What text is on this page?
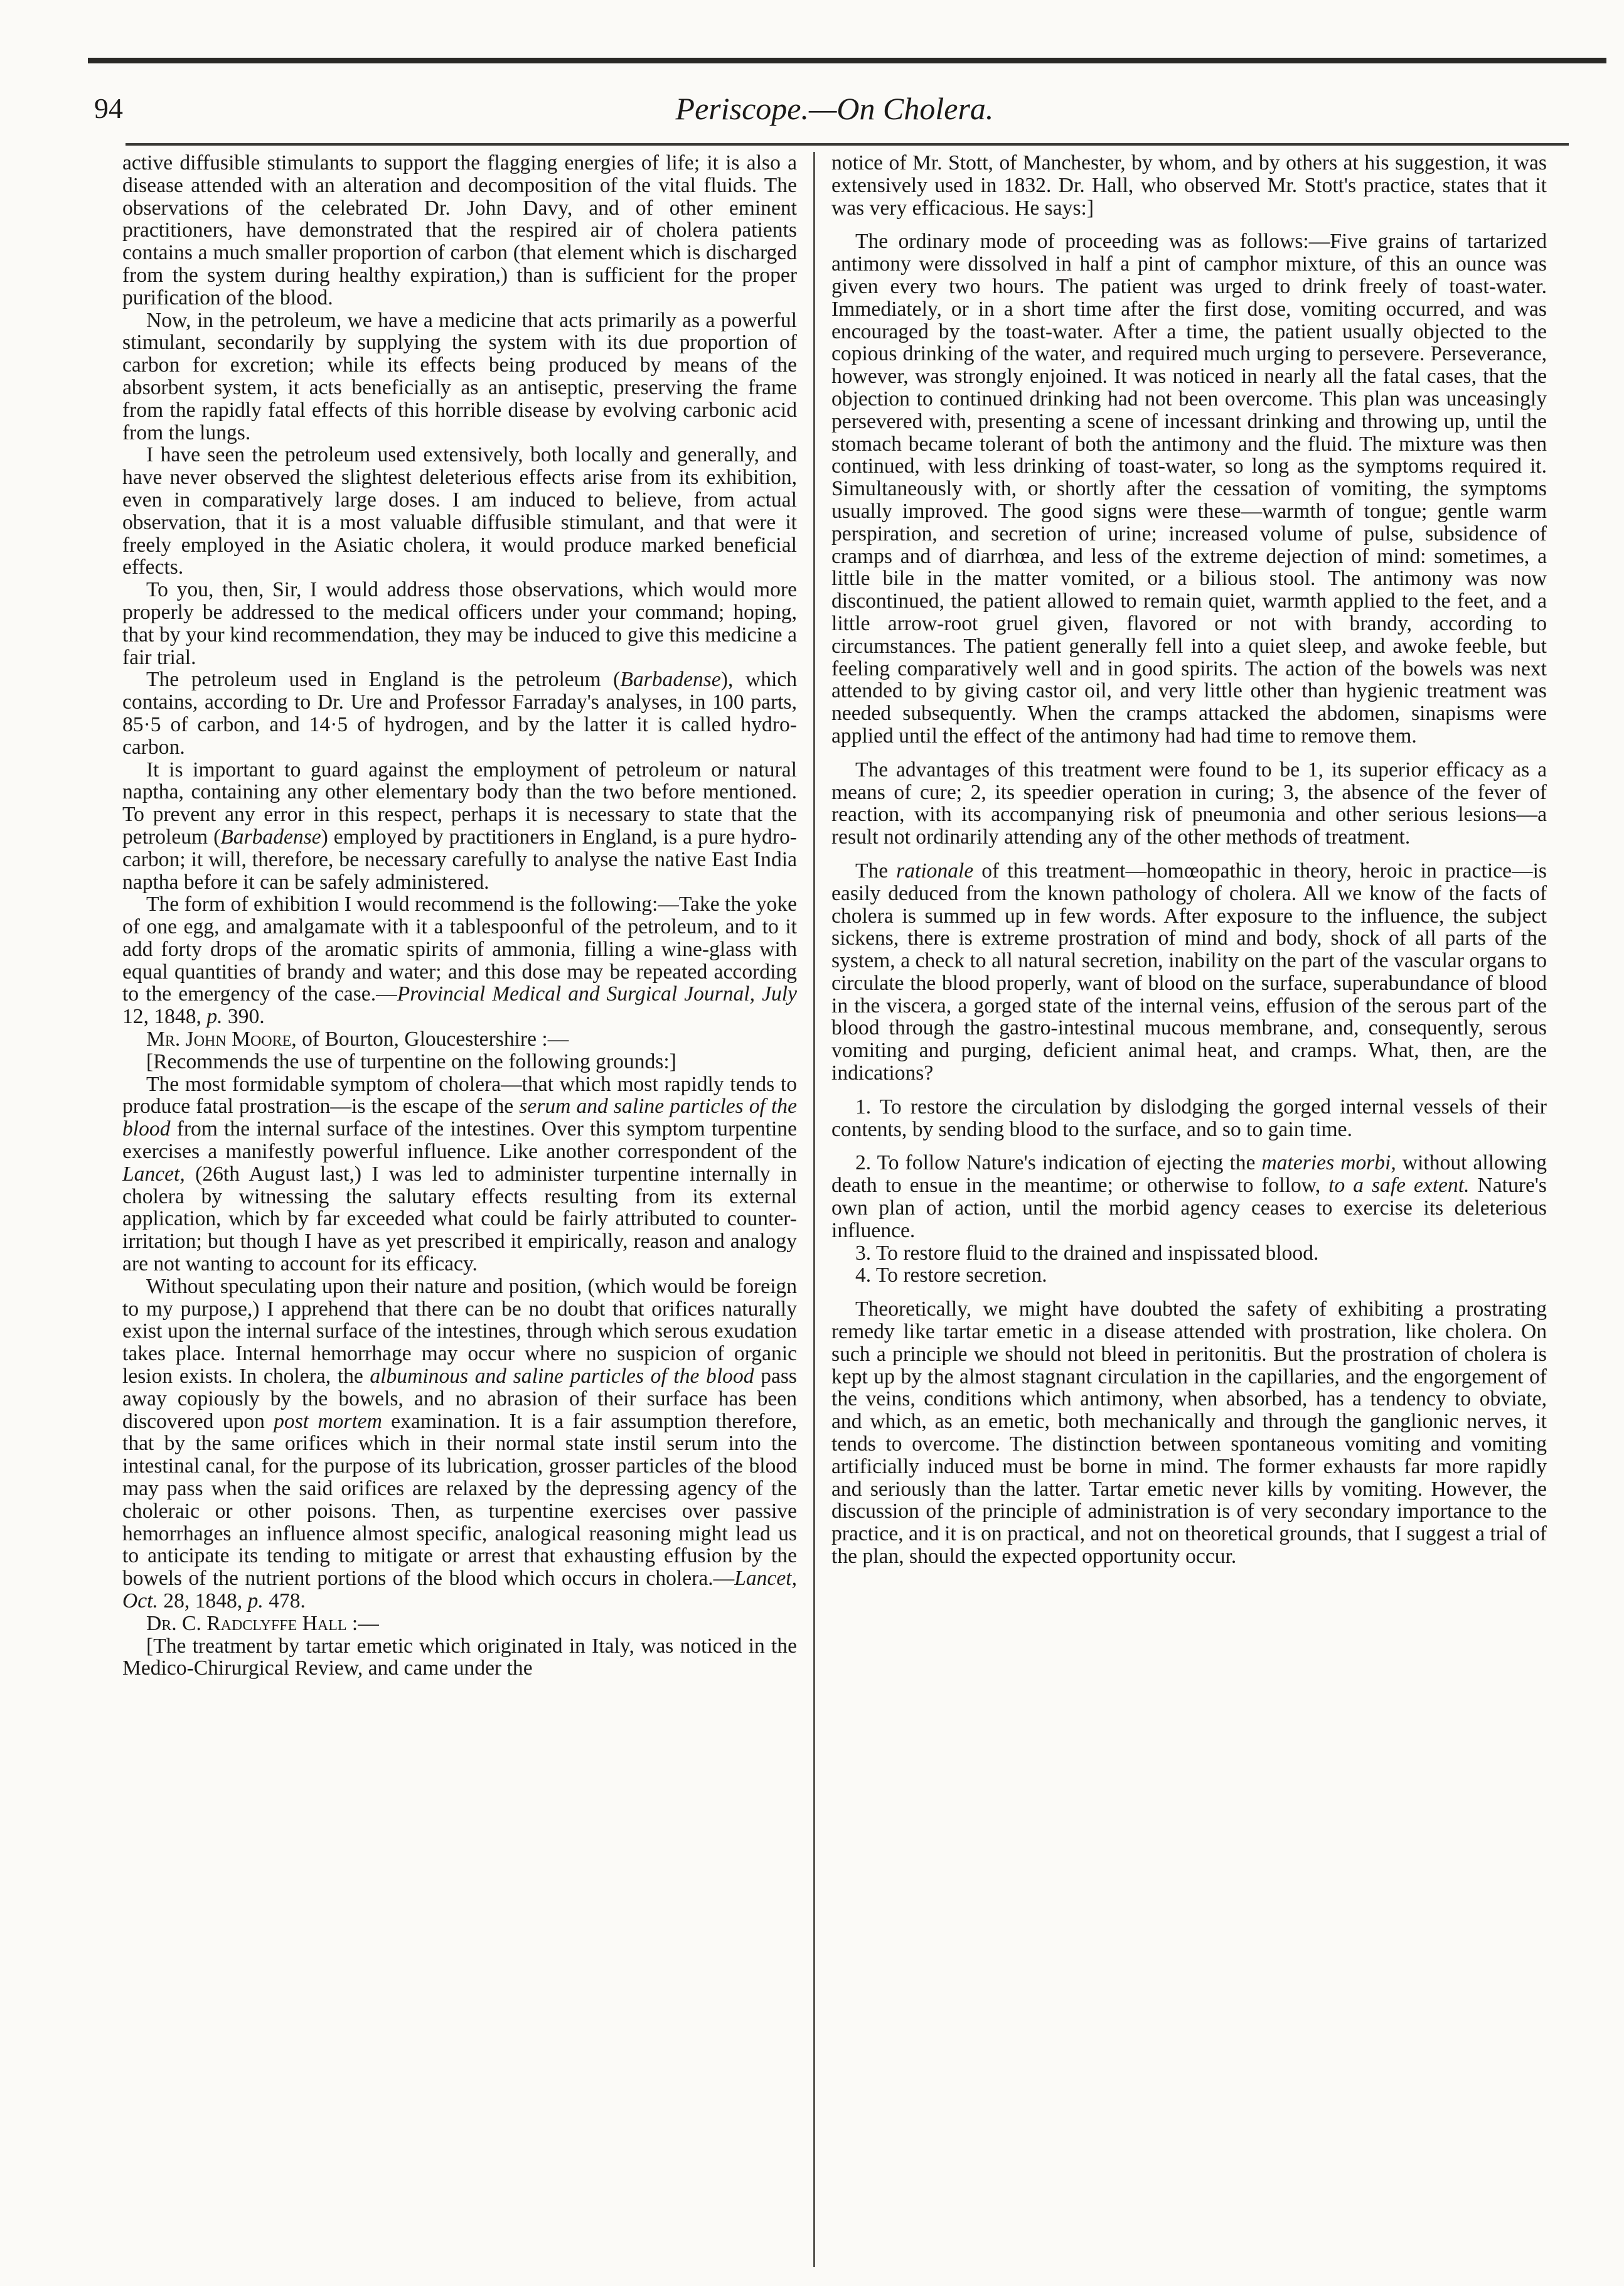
94	Periscope.—On Cholera.

active diffusible stimulants to support the flagging energies of life; it is also a disease attended with an alteration and decomposition of the vital fluids. The observations of the celebrated Dr. John Davy, and of other eminent practitioners, have demonstrated that the respired air of cholera patients contains a much smaller proportion of carbon (that element which is discharged from the system during healthy expiration,) than is sufficient for the proper purification of the blood.

Now, in the petroleum, we have a medicine that acts primarily as a powerful stimulant, secondarily by supplying the system with its due proportion of carbon for excretion; while its effects being produced by means of the absorbent system, it acts beneficially as an antiseptic, preserving the frame from the rapidly fatal effects of this horrible disease by evolving carbonic acid from the lungs.

I have seen the petroleum used extensively, both locally and generally, and have never observed the slightest deleterious effects arise from its exhibition, even in comparatively large doses. I am induced to believe, from actual observation, that it is a most valuable diffusible stimulant, and that were it freely employed in the Asiatic cholera, it would produce marked beneficial effects.

To you, then, Sir, I would address those observations, which would more properly be addressed to the medical officers under your command; hoping, that by your kind recommendation, they may be induced to give this medicine a fair trial.

The petroleum used in England is the petroleum (Barbadense), which contains, according to Dr. Ure and Professor Farraday's analyses, in 100 parts, 85·5 of carbon, and 14·5 of hydrogen, and by the latter it is called hydro-carbon.

It is important to guard against the employment of petroleum or natural naptha, containing any other elementary body than the two before mentioned. To prevent any error in this respect, perhaps it is necessary to state that the petroleum (Barbadense) employed by practitioners in England, is a pure hydro-carbon; it will, therefore, be necessary carefully to analyse the native East India naptha before it can be safely administered.

The form of exhibition I would recommend is the following:—Take the yoke of one egg, and amalgamate with it a tablespoonful of the petroleum, and to it add forty drops of the aromatic spirits of ammonia, filling a wine-glass with equal quantities of brandy and water; and this dose may be repeated according to the emergency of the case.—Provincial Medical and Surgical Journal, July 12, 1848, p. 390.

Mr. John Moore, of Bourton, Gloucestershire :—

[Recommends the use of turpentine on the following grounds:]

The most formidable symptom of cholera—that which most rapidly tends to produce fatal prostration—is the escape of the serum and saline particles of the blood from the internal surface of the intestines. Over this symptom turpentine exercises a manifestly powerful influence. Like another correspondent of the Lancet, (26th August last,) I was led to administer turpentine internally in cholera by witnessing the salutary effects resulting from its external application, which by far exceeded what could be fairly attributed to counter-irritation; but though I have as yet prescribed it empirically, reason and analogy are not wanting to account for its efficacy.

Without speculating upon their nature and position, (which would be foreign to my purpose,) I apprehend that there can be no doubt that orifices naturally exist upon the internal surface of the intestines, through which serous exudation takes place. Internal hemorrhage may occur where no suspicion of organic lesion exists. In cholera, the albuminous and saline particles of the blood pass away copiously by the bowels, and no abrasion of their surface has been discovered upon post mortem examination. It is a fair assumption therefore, that by the same orifices which in their normal state instil serum into the intestinal canal, for the purpose of its lubrication, grosser particles of the blood may pass when the said orifices are relaxed by the depressing agency of the choleraic or other poisons. Then, as turpentine exercises over passive hemorrhages an influence almost specific, analogical reasoning might lead us to anticipate its tending to mitigate or arrest that exhausting effusion by the bowels of the nutrient portions of the blood which occurs in cholera.—Lancet, Oct. 28, 1848, p. 478.

Dr. C. Radclyffe Hall :—

[The treatment by tartar emetic which originated in Italy, was noticed in the Medico-Chirurgical Review, and came under the

notice of Mr. Stott, of Manchester, by whom, and by others at his suggestion, it was extensively used in 1832. Dr. Hall, who observed Mr. Stott's practice, states that it was very efficacious. He says:]

The ordinary mode of proceeding was as follows:—Five grains of tartarized antimony were dissolved in half a pint of camphor mixture, of this an ounce was given every two hours. The patient was urged to drink freely of toast-water. Immediately, or in a short time after the first dose, vomiting occurred, and was encouraged by the toast-water. After a time, the patient usually objected to the copious drinking of the water, and required much urging to persevere. Perseverance, however, was strongly enjoined. It was noticed in nearly all the fatal cases, that the objection to continued drinking had not been overcome. This plan was unceasingly persevered with, presenting a scene of incessant drinking and throwing up, until the stomach became tolerant of both the antimony and the fluid. The mixture was then continued, with less drinking of toast-water, so long as the symptoms required it. Simultaneously with, or shortly after the cessation of vomiting, the symptoms usually improved. The good signs were these—warmth of tongue; gentle warm perspiration, and secretion of urine; increased volume of pulse, subsidence of cramps and of diarrhœa, and less of the extreme dejection of mind: sometimes, a little bile in the matter vomited, or a bilious stool. The antimony was now discontinued, the patient allowed to remain quiet, warmth applied to the feet, and a little arrow-root gruel given, flavored or not with brandy, according to circumstances. The patient generally fell into a quiet sleep, and awoke feeble, but feeling comparatively well and in good spirits. The action of the bowels was next attended to by giving castor oil, and very little other than hygienic treatment was needed subsequently. When the cramps attacked the abdomen, sinapisms were applied until the effect of the antimony had had time to remove them.

The advantages of this treatment were found to be 1, its superior efficacy as a means of cure; 2, its speedier operation in curing; 3, the absence of the fever of reaction, with its accompanying risk of pneumonia and other serious lesions—a result not ordinarily attending any of the other methods of treatment.

The rationale of this treatment—homœopathic in theory, heroic in practice—is easily deduced from the known pathology of cholera. All we know of the facts of cholera is summed up in few words. After exposure to the influence, the subject sickens, there is extreme prostration of mind and body, shock of all parts of the system, a check to all natural secretion, inability on the part of the vascular organs to circulate the blood properly, want of blood on the surface, superabundance of blood in the viscera, a gorged state of the internal veins, effusion of the serous part of the blood through the gastro-intestinal mucous membrane, and, consequently, serous vomiting and purging, deficient animal heat, and cramps. What, then, are the indications?

1. To restore the circulation by dislodging the gorged internal vessels of their contents, by sending blood to the surface, and so to gain time.

2. To follow Nature's indication of ejecting the materies morbi, without allowing death to ensue in the meantime; or otherwise to follow, to a safe extent. Nature's own plan of action, until the morbid agency ceases to exercise its deleterious influence.

3. To restore fluid to the drained and inspissated blood.

4. To restore secretion.

Theoretically, we might have doubted the safety of exhibiting a prostrating remedy like tartar emetic in a disease attended with prostration, like cholera. On such a principle we should not bleed in peritonitis. But the prostration of cholera is kept up by the almost stagnant circulation in the capillaries, and the engorgement of the veins, conditions which antimony, when absorbed, has a tendency to obviate, and which, as an emetic, both mechanically and through the ganglionic nerves, it tends to overcome. The distinction between spontaneous vomiting and vomiting artificially induced must be borne in mind. The former exhausts far more rapidly and seriously than the latter. Tartar emetic never kills by vomiting. However, the discussion of the principle of administration is of very secondary importance to the practice, and it is on practical, and not on theoretical grounds, that I suggest a trial of the plan, should the expected opportunity occur.
